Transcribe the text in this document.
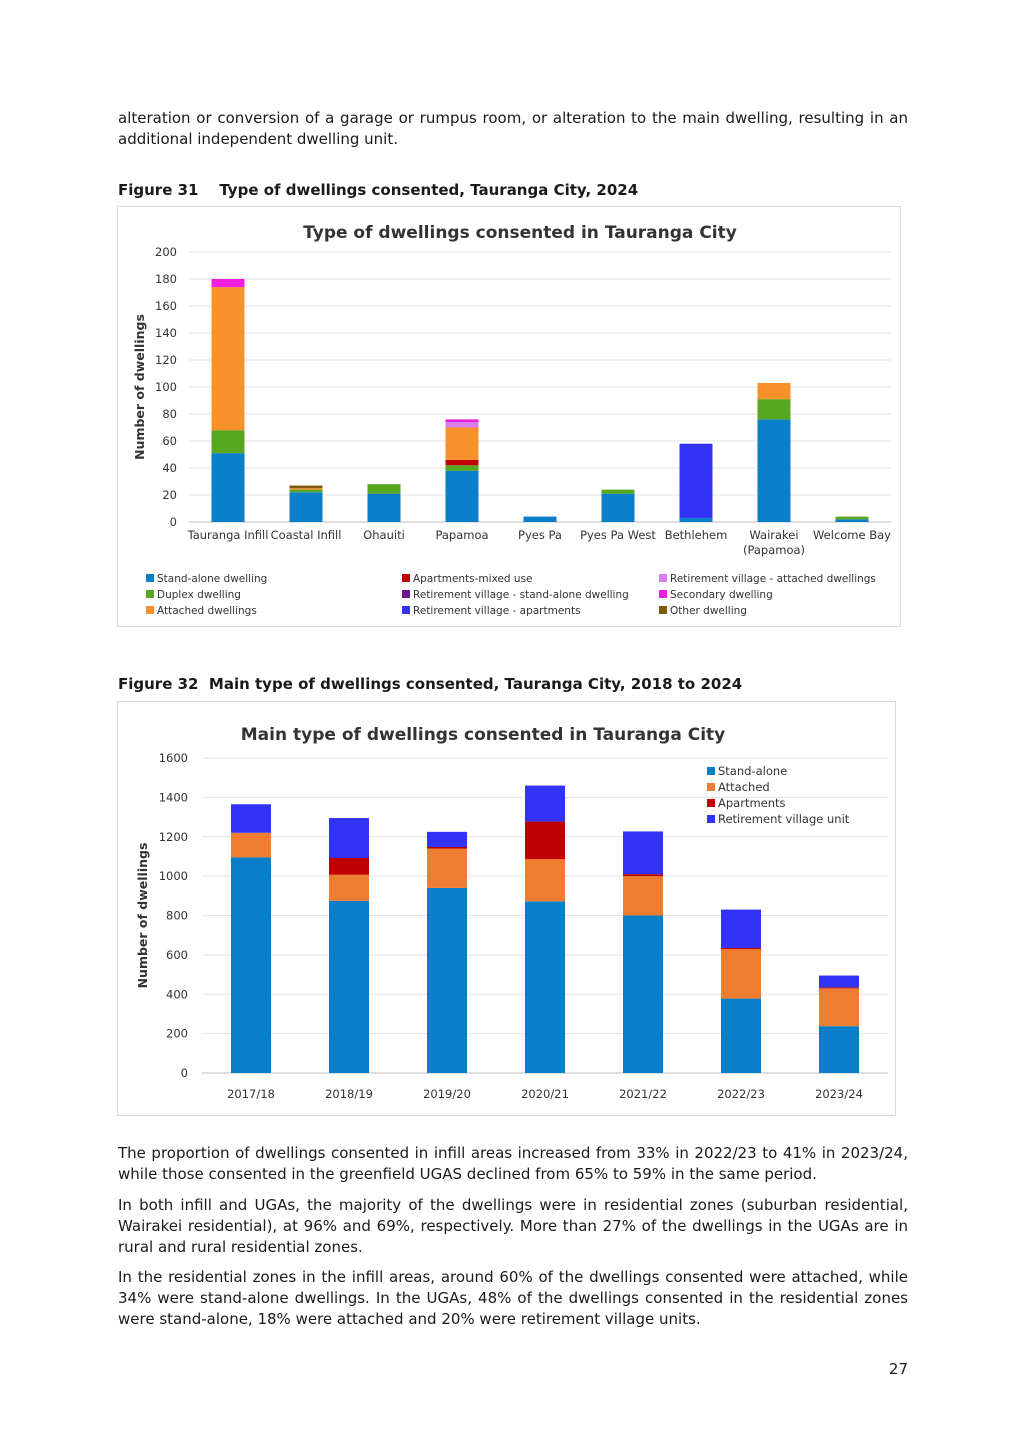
alteration or conversion of a garage or rumpus room, or alteration to the main dwelling, resulting in an additional independent dwelling unit.

Figure 31    Type of dwellings consented, Tauranga City, 2024

Type of dwellings consented in Tauranga City
Number of dwellings
0
20
40
60
80
100
120
140
160
180
200
Tauranga Infill Coastal Infill Ohauiti	Papamoa	Pyes Pa Pyes Pa West Bethlehem Wairakei
(Papamoa)
Welcome Bay
Stand-alone dwelling
Duplex dwelling
Apartments-mixed use
Attached dwellings
Retirement village - stand-alone dwelling
Retirement village - apartments
Retirement village - attached dwellings
Secondary dwelling
Other dwelling

Figure 32  Main type of dwellings consented, Tauranga City, 2018 to 2024

Main type of dwellings consented in Tauranga City
Number of dwellings
0
200
400
600
800
1000
1200
1400
1600
2017/18	2018/19	2019/20	2020/21	2021/22	2022/23	2023/24
Stand-alone
Attached
Apartments
Retirement village unit

The proportion of dwellings consented in infill areas increased from 33% in 2022/23 to 41% in 2023/24, while those consented in the greenfield UGAS declined from 65% to 59% in the same period.

In both infill and UGAs, the majority of the dwellings were in residential zones (suburban residential, Wairakei residential), at 96% and 69%, respectively. More than 27% of the dwellings in the UGAs are in rural and rural residential zones.

In the residential zones in the infill areas, around 60% of the dwellings consented were attached, while 34% were stand-alone dwellings. In the UGAs, 48% of the dwellings consented in the residential zones were stand-alone, 18% were attached and 20% were retirement village units.

27
